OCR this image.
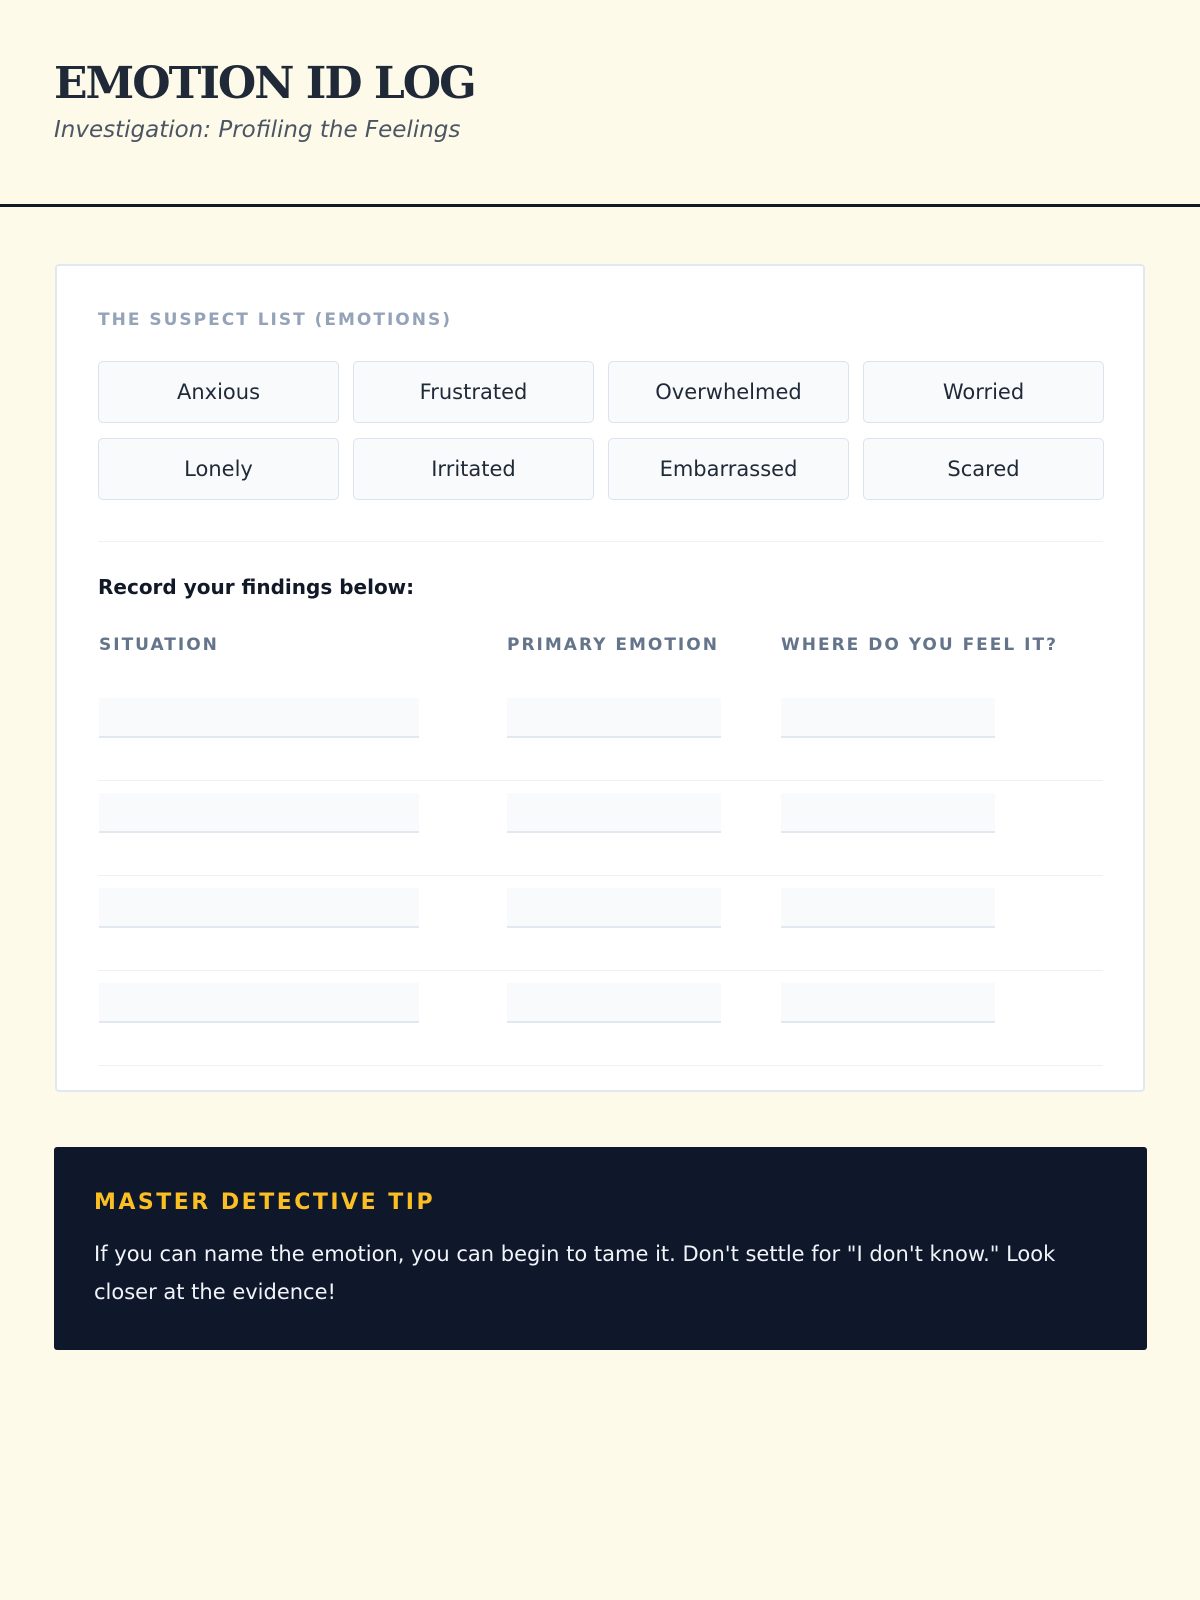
EMOTION ID LOG
Investigation: Profiling the Feelings
THE SUSPECT LIST (EMOTIONS)
Anxious	Frustrated	Overwhelmed	Worried
Lonely	Irritated	Embarrassed	Scared
Record your findings below:
SITUATION	PRIMARY EMOTION	WHERE DO YOU FEEL IT?
MASTER DETECTIVE TIP
If you can name the emotion, you can begin to tame it. Don't settle for "I don't know." Look closer at the evidence!
